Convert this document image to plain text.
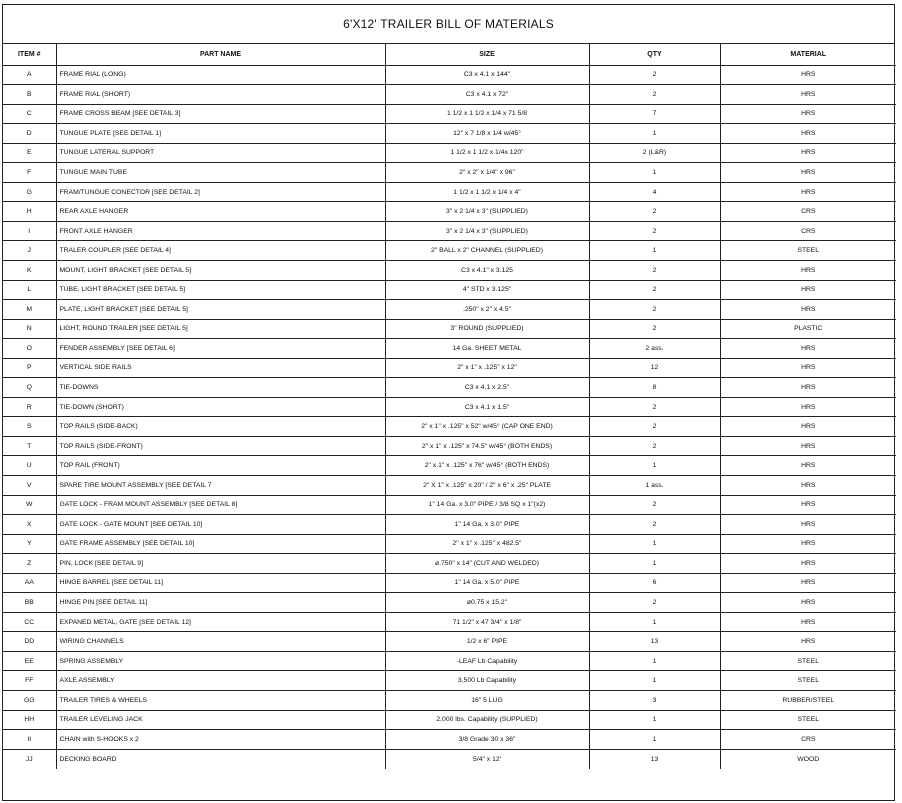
6'X12' TRAILER BILL OF MATERIALS
ITEM #	PART NAME	SIZE	QTY	MATERIAL
A	FRAME RIAL (LONG)	C3 x 4.1 x 144"	2	HRS
B	FRAME RIAL (SHORT)	C3 x 4.1 x 72"	2	HRS
C	FRAME CROSS BEAM [SEE DETAIL 3]	1 1/2 x 1 1/2 x 1/4 x 71 5/8	7	HRS
D	TUNGUE PLATE [SEE DETAIL 1]	12" x 7 1/8 x 1/4 w/45°	1	HRS
E	TUNGUE LATERAL SUPPORT	1 1/2 x 1 1/2 x 1/4x 120"	2 (L&R)	HRS
F	TUNGUE MAIN TUBE	2" x 2" x 1/4" x 96"	1	HRS
G	FRAM/TUNGUE CONECTOR [SEE DETAIL 2]	1 1/2 x 1 1/2 x 1/4 x 4"	4	HRS
H	REAR AXLE HANGER	3" x 2 1/4 x 3" (SUPPLIED)	2	CRS
I	FRONT AXLE HANGER	3" x 2 1/4 x 3" (SUPPLIED)	2	CRS
J	TRALER COUPLER [SEE DETAIL 4]	2" BALL x 2" CHANNEL (SUPPLIED)	1	STEEL
K	MOUNT, LIGHT BRACKET [SEE DETAIL 5]	C3 x 4.1" x 3.125	2	HRS
L	TUBE, LIGHT BRACKET [SEE DETAIL 5]	4" STD x 3.125"	2	HRS
M	PLATE, LIGHT BRACKET [SEE DETAIL 5]	.250" x 2" x 4.5"	2	HRS
N	LIGHT, ROUND TRAILER [SEE DETAIL 5]	3" ROUND (SUPPLIED)	2	PLASTIC
O	FENDER ASSEMBLY [SEE DETAIL 6]	14 Ga. SHEET METAL	2 ass.	HRS
P	VERTICAL SIDE RAILS	2" x 1" x .125" x 12"	12	HRS
Q	TIE-DOWNS	C3 x 4.1 x 2.5"	8	HRS
R	TIE-DOWN (SHORT)	C3 x 4.1 x 1.5"	2	HRS
S	TOP RAILS (SIDE-BACK)	2" x 1" x .125" x 52" w/45° (CAP ONE END)	2	HRS
T	TOP RAILS (SIDE-FRONT)	2" x 1" x .125" x 74.5" w/45° (BOTH ENDS)	2	HRS
U	TOP RAIL (FRONT)	2" x 1" x .125" x 76" w/45° (BOTH ENDS)	1	HRS
V	SPARE TIRE MOUNT ASSEMBLY [SEE DETAIL 7	2" X 1" x .125" x 20" / 2" x 6" x .25" PLATE	1 ass.	HRS
W	GATE LOCK - FRAM MOUNT ASSEMBLY [SEE DETAIL 8]	1" 14 Ga. x 3.0" PIPE / 3/8 SQ x 1"(x2)	2	HRS
X	GATE LOCK - GATE MOUNT [SEE DETAIL 10]	1" 14 Ga. x 3.0" PIPE	2	HRS
Y	GATE FRAME ASSEMBLY [SEE DETAIL 10]	2" x 1" x .125" x 482.5"	1	HRS
Z	PIN, LOCK [SEE DETAIL 9]	ø.750" x 14" (CUT AND WELDED)	1	HRS
AA	HINGE BARREL [SEE DETAIL 11]	1" 14 Ga. x 5.0" PIPE	6	HRS
BB	HINGE PIN [SEE DETAIL 11]	ø0.75 x 15.2"	2	HRS
CC	EXPANED METAL, GATE [SEE DETAIL 12]	71 1/2" x 47 3/4" x 1/8"	1	HRS
DD	WIRING CHANNELS	1/2 x 6" PIPE	13	HRS
EE	SPRING ASSEMBLY	-LEAF Lb Capability	1	STEEL
FF	AXLE ASSEMBLY	3,500 Lb Capability	1	STEEL
GG	TRAILER TIRES & WHEELS	16" 5 LUG	3	RUBBER/STEEL
HH	TRAILER LEVELING JACK	2,000 lbs. Capability (SUPPLIED)	1	STEEL
II	CHAIN with S-HOOKS x 2	3/8 Grade 30 x 36"	1	CRS
JJ	DECKING BOARD	5/4" x 12'	13	WOOD
